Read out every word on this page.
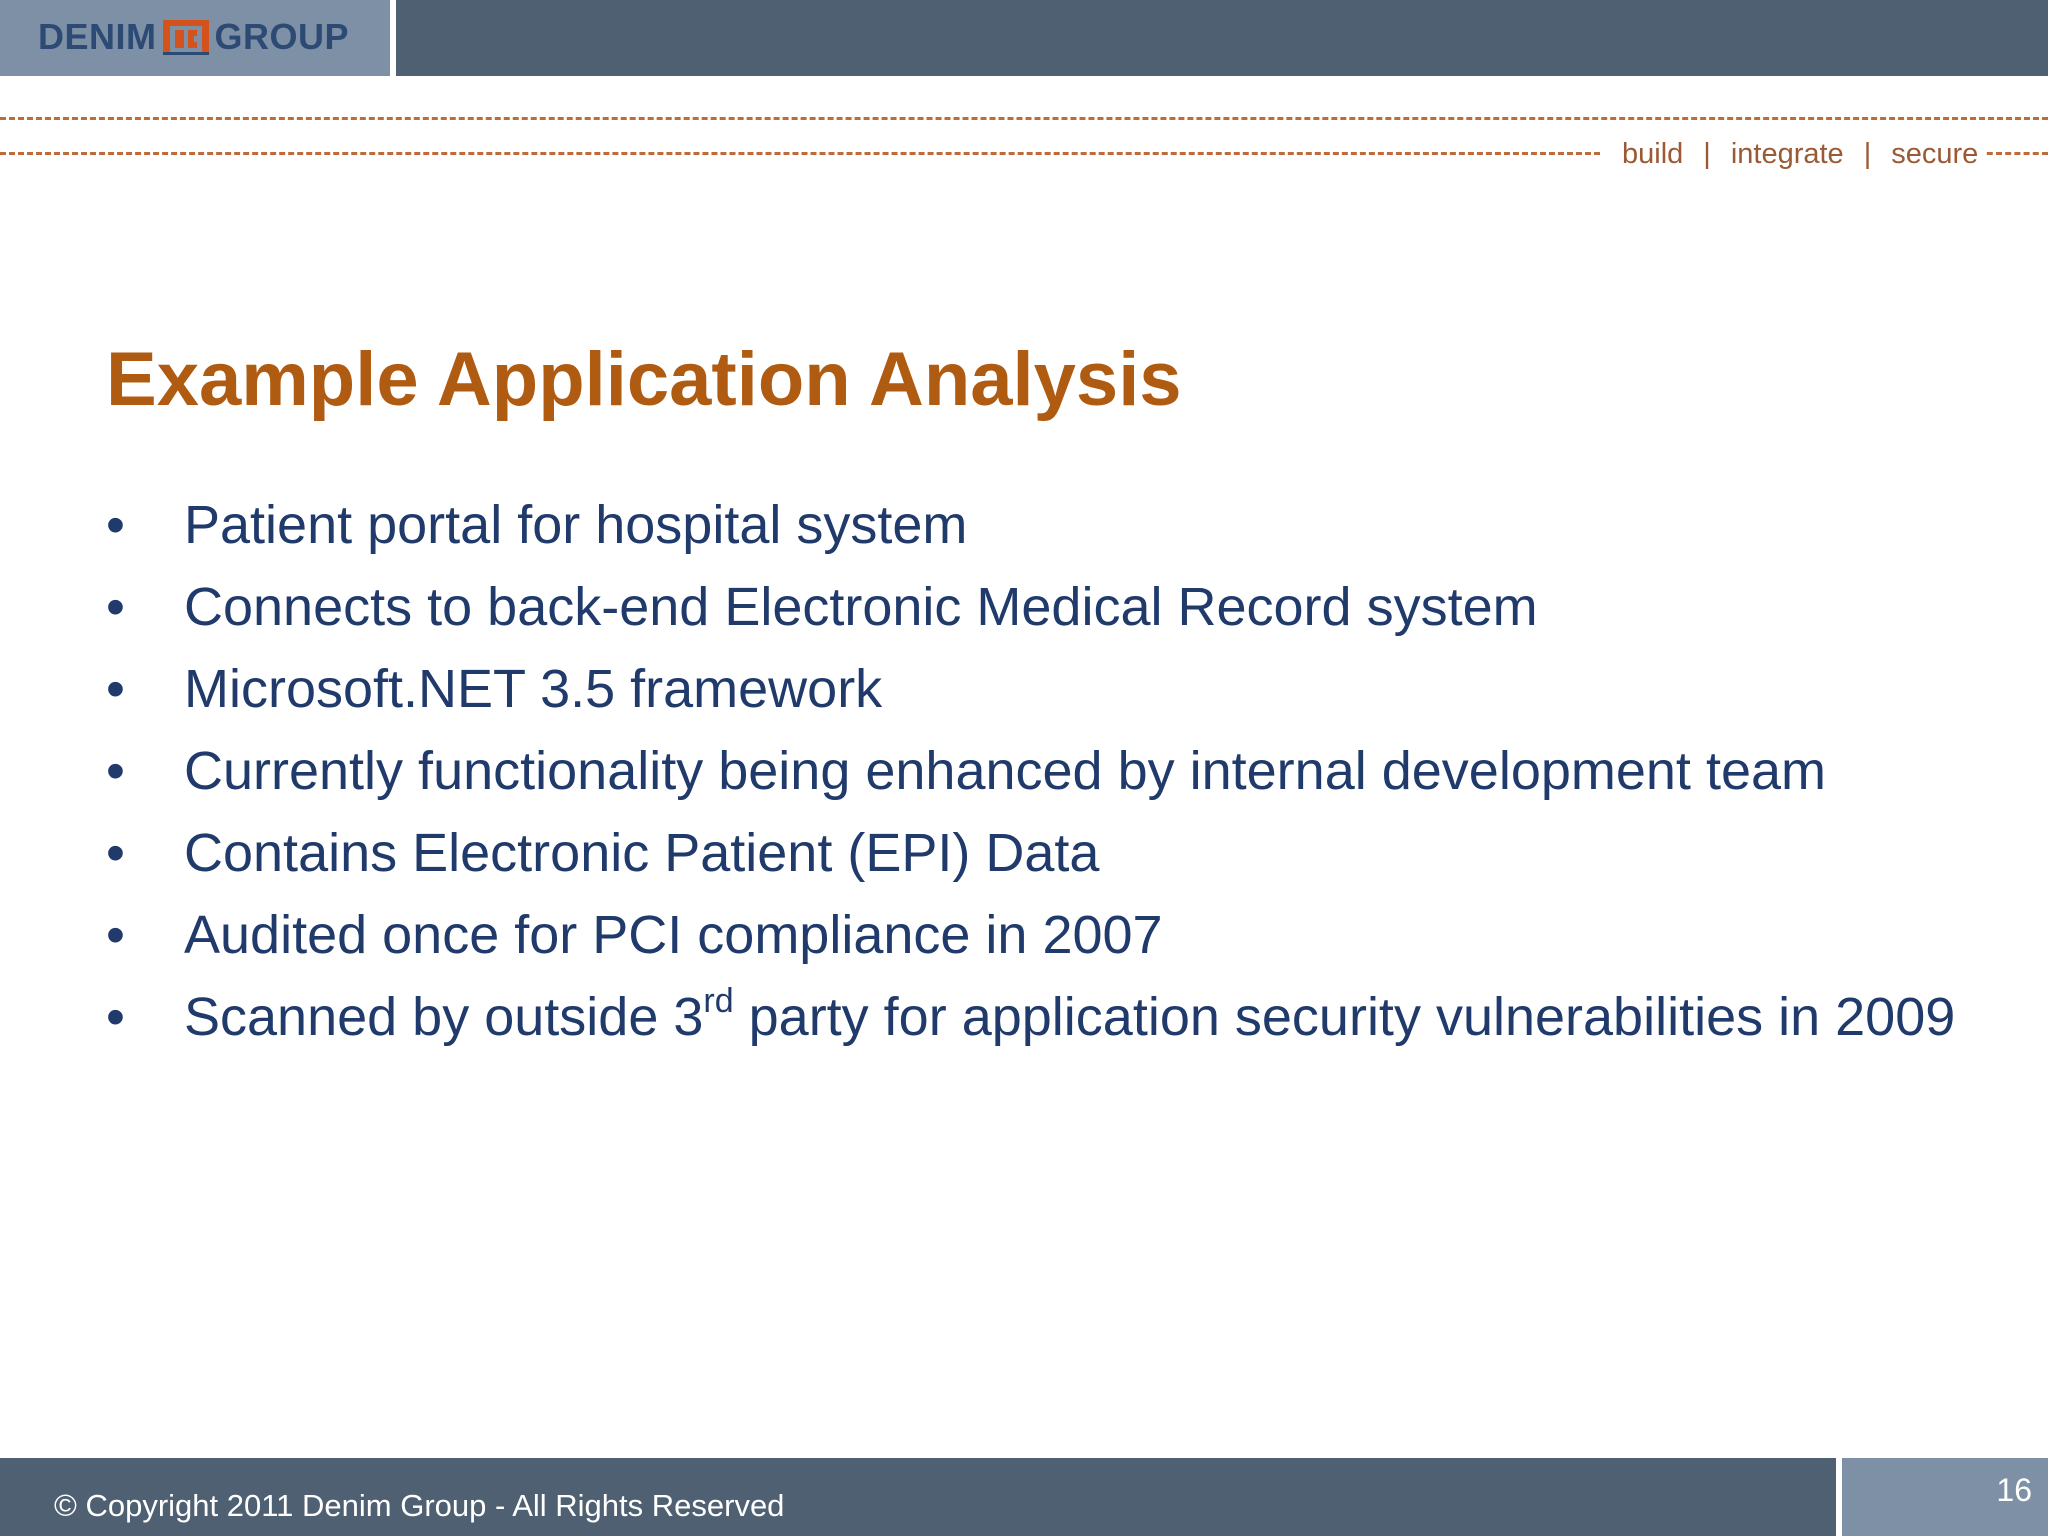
DENIM GROUP
build | integrate | secure
Example Application Analysis
• Patient portal for hospital system
• Connects to back-end Electronic Medical Record system
• Microsoft.NET 3.5 framework
• Currently functionality being enhanced by internal development team
• Contains Electronic Patient (EPI) Data
• Audited once for PCI compliance in 2007
• Scanned by outside 3rd party for application security vulnerabilities in 2009
© Copyright 2011 Denim Group - All Rights Reserved	16
